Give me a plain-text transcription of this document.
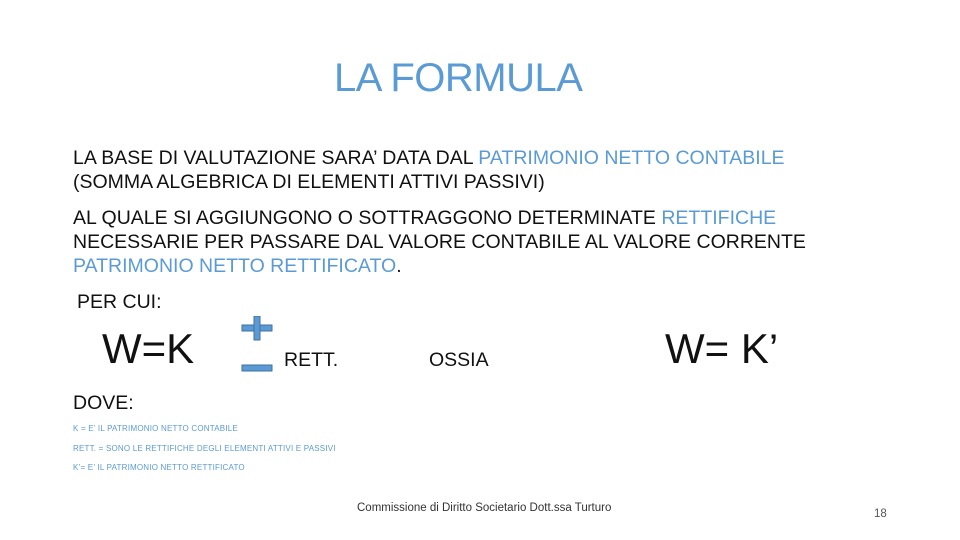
LA FORMULA
LA BASE DI VALUTAZIONE SARA’ DATA DAL PATRIMONIO NETTO CONTABILE
(SOMMA ALGEBRICA DI ELEMENTI ATTIVI PASSIVI)
AL QUALE SI AGGIUNGONO O SOTTRAGGONO DETERMINATE RETTIFICHE
NECESSARIE PER PASSARE DAL VALORE CONTABILE AL VALORE CORRENTE
PATRIMONIO NETTO RETTIFICATO.
PER CUI:
W=K	RETT.	OSSIA	W= K’
DOVE:
K = E’ IL PATRIMONIO NETTO CONTABILE
RETT. = SONO LE RETTIFICHE DEGLI ELEMENTI ATTIVI E PASSIVI
K’= E’ IL PATRIMONIO NETTO RETTIFICATO
Commissione di Diritto Societario Dott.ssa Turturo	18
